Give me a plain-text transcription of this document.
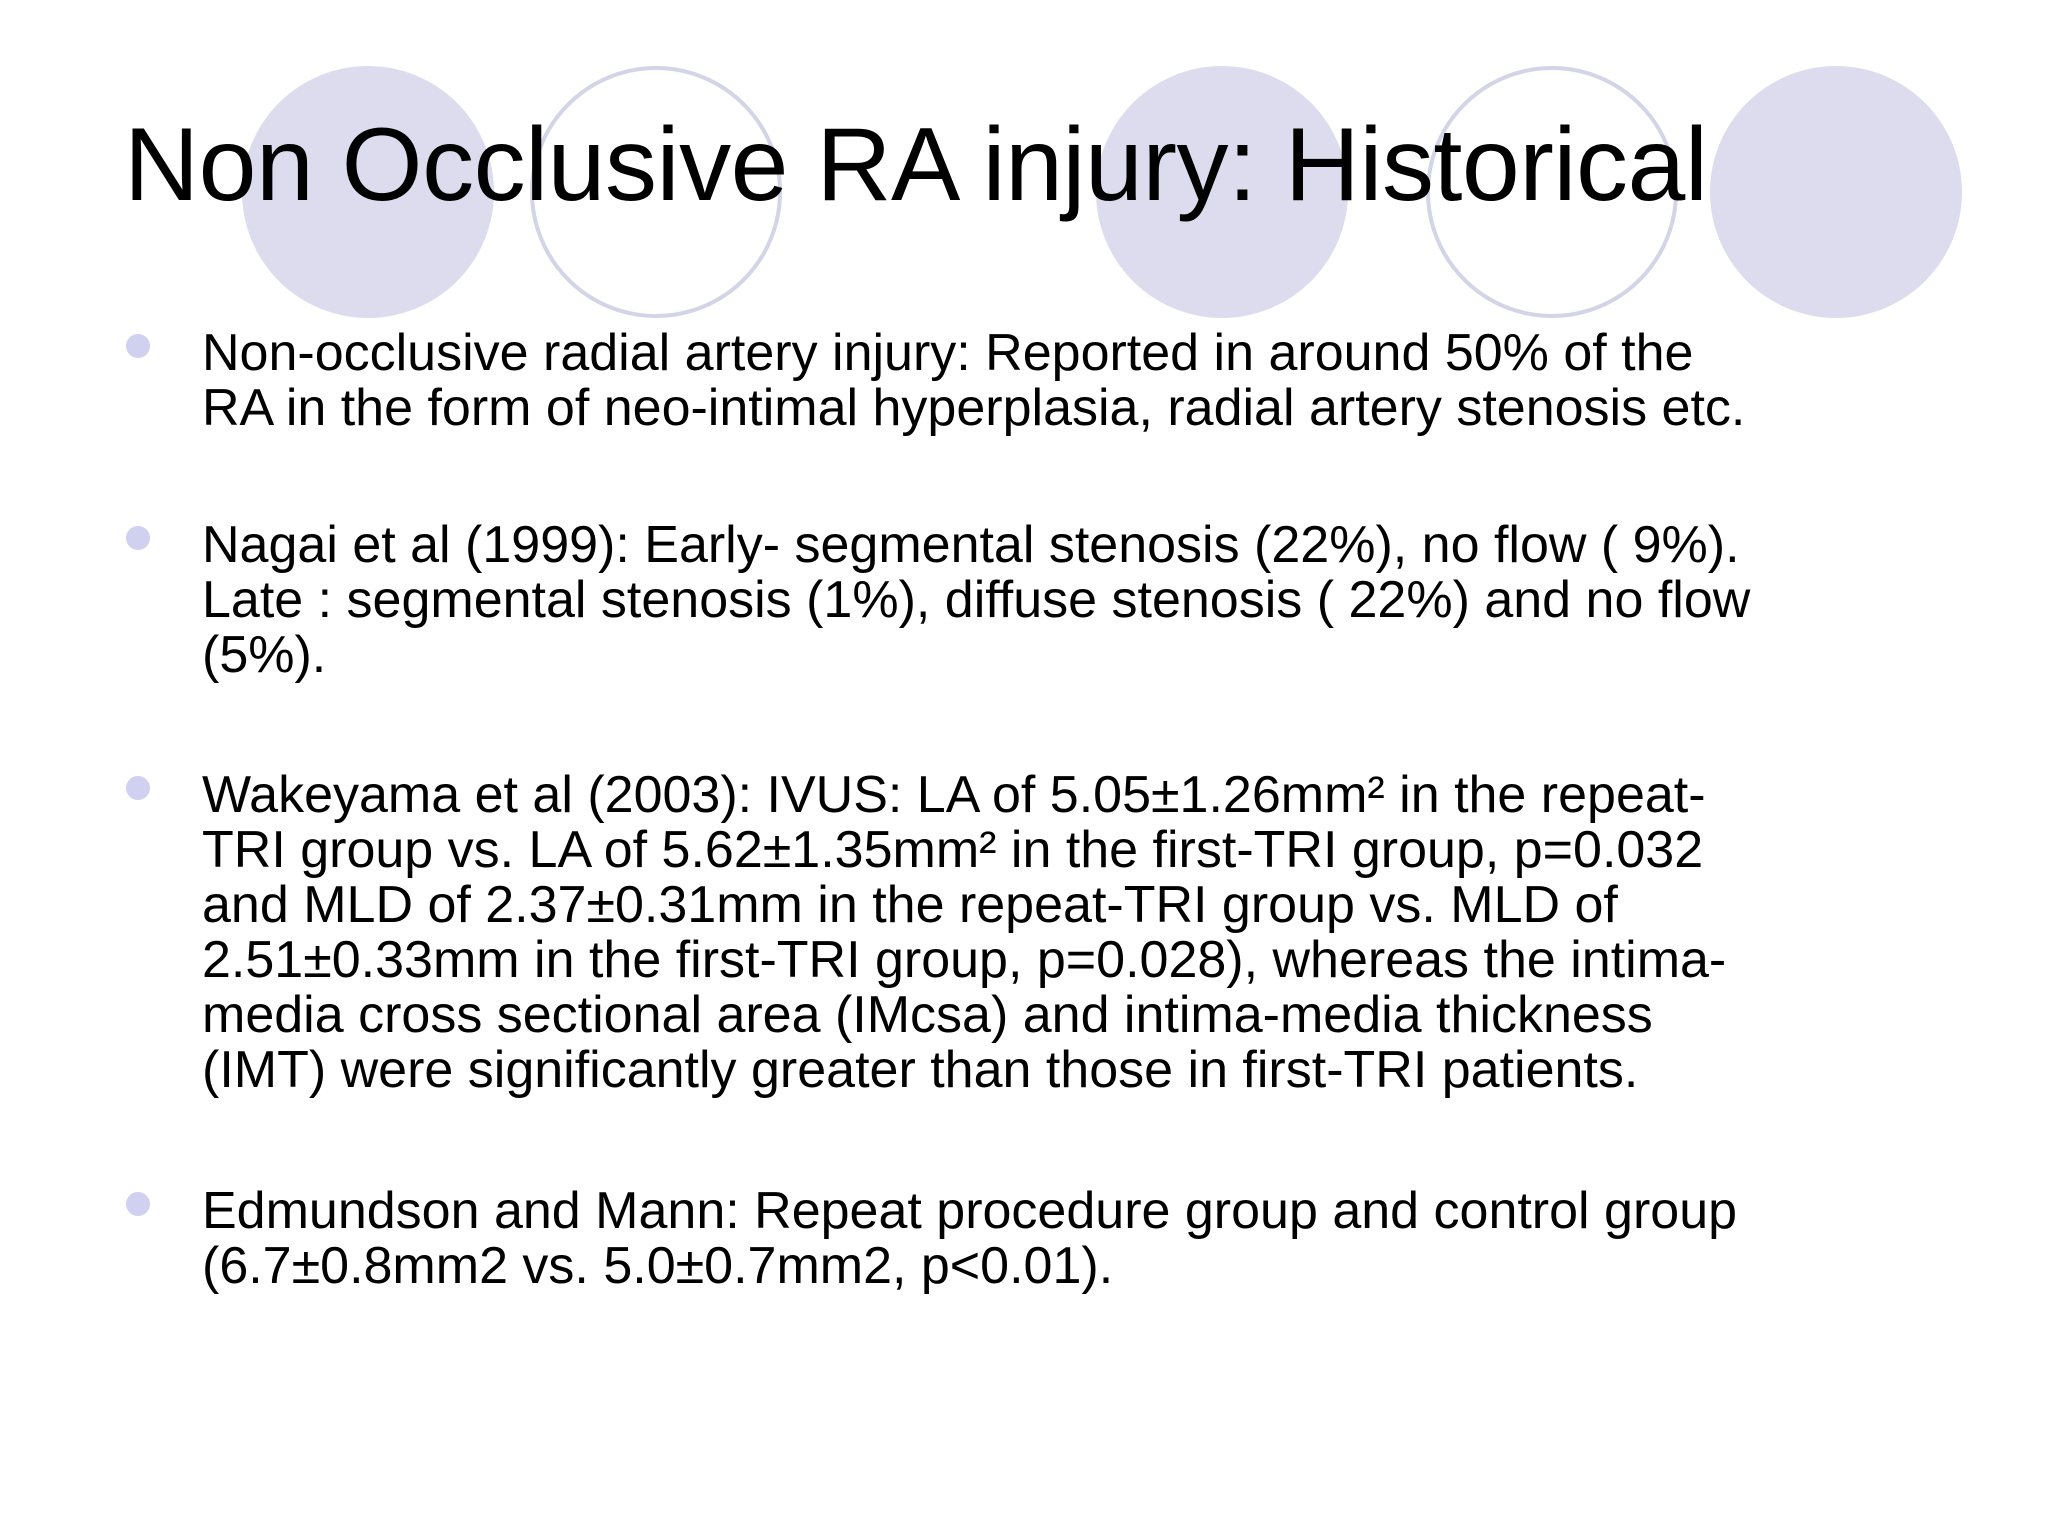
Non Occlusive RA injury: Historical
Non-occlusive radial artery injury: Reported in around 50% of the
RA in the form of neo-intimal hyperplasia, radial artery stenosis etc.
Nagai et al (1999): Early- segmental stenosis (22%), no flow ( 9%).
Late : segmental stenosis (1%), diffuse stenosis ( 22%) and no flow
(5%).
Wakeyama et al (2003): IVUS: LA of 5.05±1.26mm² in the repeat-
TRI group vs. LA of 5.62±1.35mm² in the first-TRI group, p=0.032
and MLD of 2.37±0.31mm in the repeat-TRI group vs. MLD of
2.51±0.33mm in the first-TRI group, p=0.028), whereas the intima-
media cross sectional area (IMcsa) and intima-media thickness
(IMT) were significantly greater than those in first-TRI patients.
Edmundson and Mann: Repeat procedure group and control group
(6.7±0.8mm2 vs. 5.0±0.7mm2, p<0.01).
